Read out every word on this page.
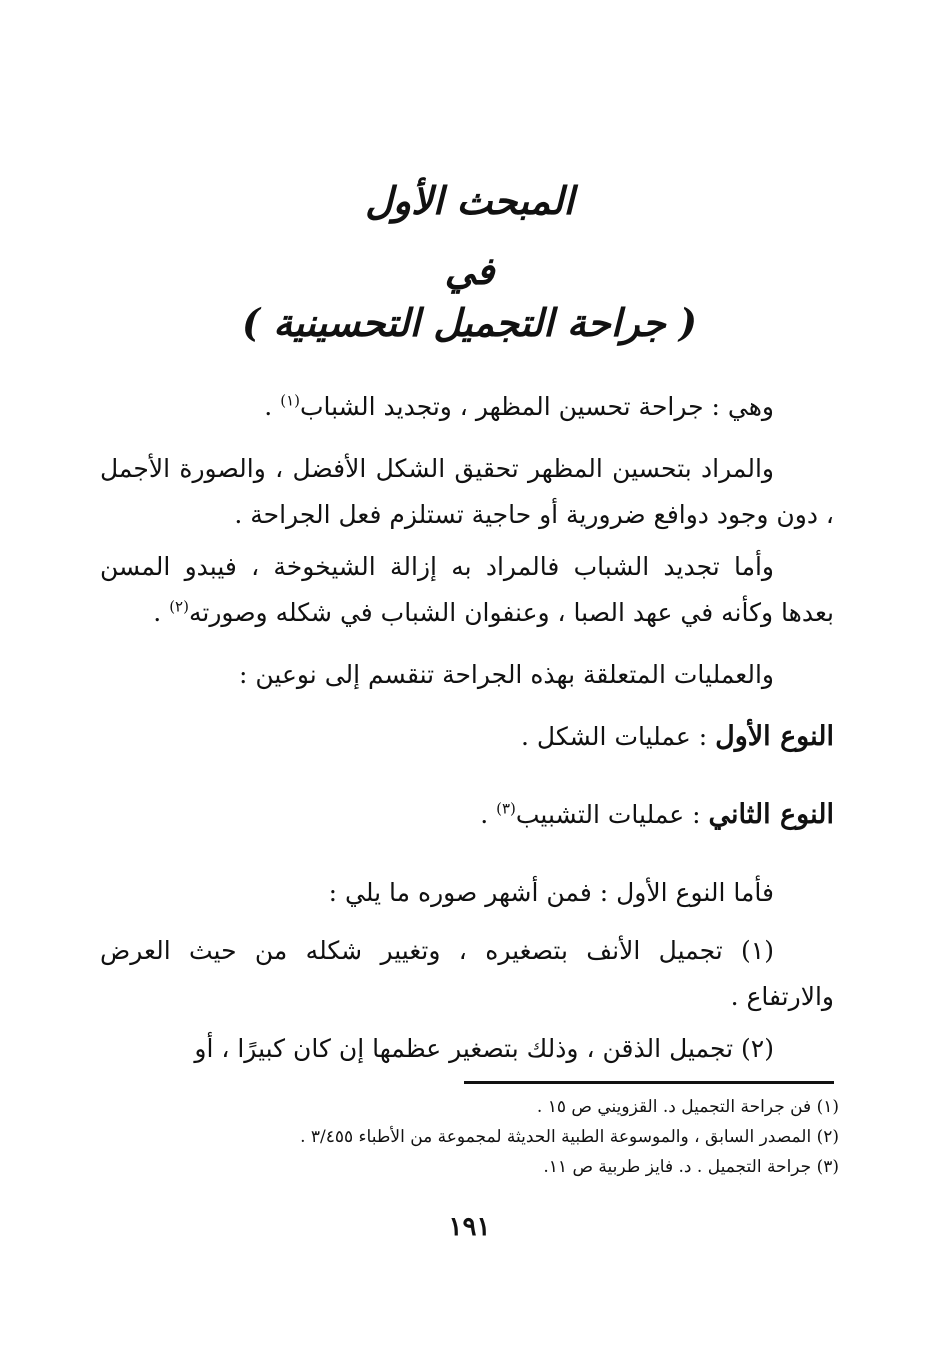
المبحث الأول
في
( جراحة التجميل التحسينية )
وهي : جراحة تحسين المظهر ، وتجديد الشباب$^{(١)}$ .
والمراد بتحسين المظهر تحقيق الشكل الأفضل ، والصورة الأجمل ، دون وجود دوافع ضرورية أو حاجية تستلزم فعل الجراحة .
وأما تجديد الشباب فالمراد به إزالة الشيخوخة ، فيبدو المسن بعدها وكأنه في عهد الصبا ، وعنفوان الشباب في شكله وصورته$^{(٢)}$ .
والعمليات المتعلقة بهذه الجراحة تنقسم إلى نوعين :
النوع الأول : عمليات الشكل .
النوع الثاني : عمليات التشبيب$^{(٣)}$ .
فأما النوع الأول : فمن أشهر صوره ما يلي :
(١) تجميل الأنف بتصغيره ، وتغيير شكله من حيث العرض والارتفاع .
(٢) تجميل الذقن ، وذلك بتصغير عظمها إن كان كبيرًا ، أو
(١) فن جراحة التجميل د. القزويني ص ١٥ .
(٢) المصدر السابق ، والموسوعة الطبية الحديثة لمجموعة من الأطباء ٣/٤٥٥ .
(٣) جراحة التجميل . د. فايز طربية ص ١١.
١٩١
